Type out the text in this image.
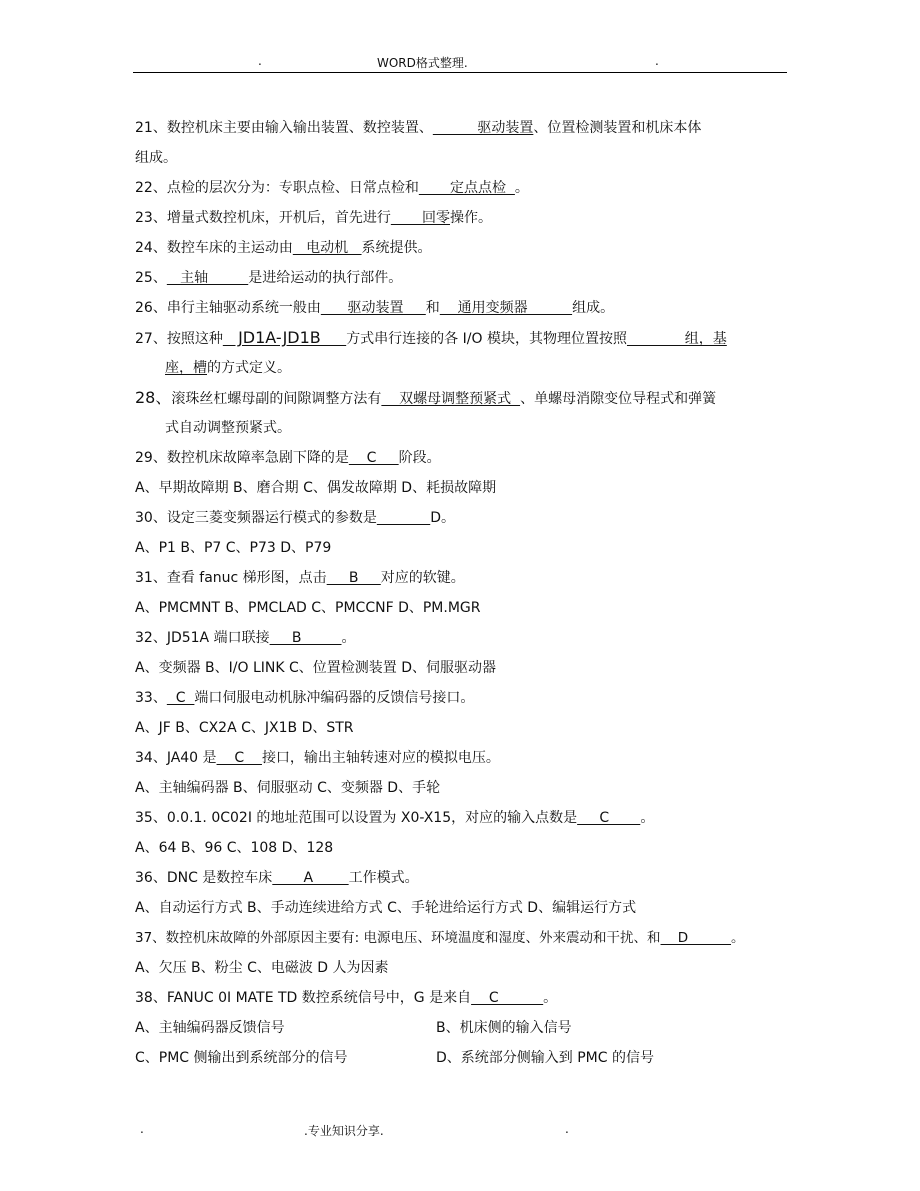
.	WORD格式整理.	.
21、数控机床主要由输入输出装置、数控装置、          驱动装置、位置检测装置和机床本体
组成。
22、点检的层次分为：专职点检、日常点检和       定点点检  。
23、增量式数控机床，开机后，首先进行       回零操作。
24、数控车床的主运动由   电动机   系统提供。
25、   主轴         是进给运动的执行部件。
26、串行主轴驱动系统一般由      驱动装置     和    通用变频器          组成。
27、按照这种   JD1A-JD1B     方式串行连接的各 I/O 模块，其物理位置按照             组，基
座，槽的方式定义。
28、滚珠丝杠螺母副的间隙调整方法有    双螺母调整预紧式  、单螺母消隙变位导程式和弹簧
式自动调整预紧式。
29、数控机床故障率急剧下降的是    C     阶段。
A、早期故障期 B、磨合期 C、偶发故障期 D、耗损故障期
30、设定三菱变频器运行模式的参数是	D。
A、P1 B、P7 C、P73 D、P79
31、查看 fanuc 梯形图，点击     B     对应的软键。
A、PMCMNT B、PMCLAD C、PMCCNF D、PM.MGR
32、JD51A 端口联接     B         。
A、变频器 B、I/O LINK C、位置检测装置 D、伺服驱动器
33、  C  端口伺服电动机脉冲编码器的反馈信号接口。
A、JF B、CX2A C、JX1B D、STR
34、JA40 是    C    接口，输出主轴转速对应的模拟电压。
A、主轴编码器 B、伺服驱动 C、变频器 D、手轮
35、0.0.1. 0C02I 的地址范围可以设置为 X0-X15，对应的输入点数是     C       。
A、64 B、96 C、108 D、128
36、DNC 是数控车床       A        工作模式。
A、自动运行方式 B、手动连续进给方式 C、手轮进给运行方式 D、编辑运行方式
37、数控机床故障的外部原因主要有: 电源电压、环境温度和湿度、外来震动和干扰、和    D          。
A、欠压 B、粉尘 C、电磁波 D 人为因素
38、FANUC 0I MATE TD 数控系统信号中，G 是来自    C          。
A、主轴编码器反馈信号	B、机床侧的输入信号
C、PMC 侧输出到系统部分的信号	D、系统部分侧输入到 PMC 的信号
.	.专业知识分享.	.
